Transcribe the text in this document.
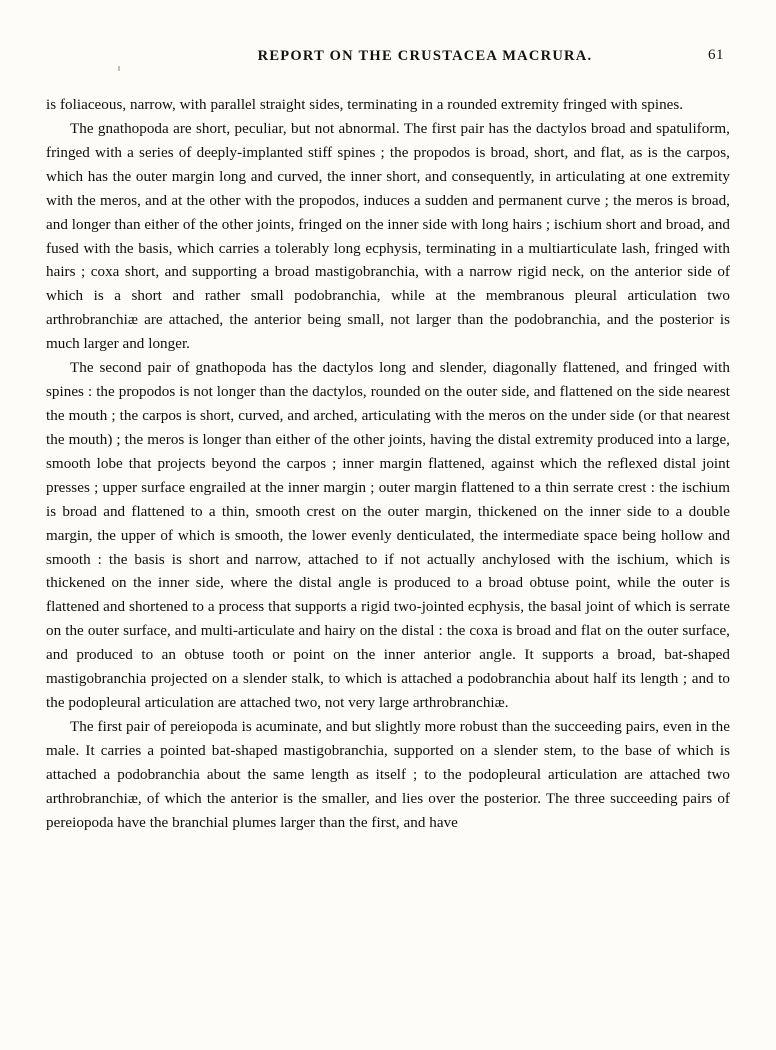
REPORT ON THE CRUSTACEA MACRURA.	61

is foliaceous, narrow, with parallel straight sides, terminating in a rounded extremity fringed with spines.

The gnathopoda are short, peculiar, but not abnormal. The first pair has the dactylos broad and spatuliform, fringed with a series of deeply-implanted stiff spines ; the propodos is broad, short, and flat, as is the carpos, which has the outer margin long and curved, the inner short, and consequently, in articulating at one extremity with the meros, and at the other with the propodos, induces a sudden and permanent curve ; the meros is broad, and longer than either of the other joints, fringed on the inner side with long hairs ; ischium short and broad, and fused with the basis, which carries a tolerably long ecphysis, terminating in a multiarticulate lash, fringed with hairs ; coxa short, and supporting a broad mastigobranchia, with a narrow rigid neck, on the anterior side of which is a short and rather small podobranchia, while at the membranous pleural articulation two arthrobranchiæ are attached, the anterior being small, not larger than the podobranchia, and the posterior is much larger and longer.

The second pair of gnathopoda has the dactylos long and slender, diagonally flattened, and fringed with spines : the propodos is not longer than the dactylos, rounded on the outer side, and flattened on the side nearest the mouth ; the carpos is short, curved, and arched, articulating with the meros on the under side (or that nearest the mouth) ; the meros is longer than either of the other joints, having the distal extremity produced into a large, smooth lobe that projects beyond the carpos ; inner margin flattened, against which the reflexed distal joint presses ; upper surface engrailed at the inner margin ; outer margin flattened to a thin serrate crest : the ischium is broad and flattened to a thin, smooth crest on the outer margin, thickened on the inner side to a double margin, the upper of which is smooth, the lower evenly denticulated, the intermediate space being hollow and smooth : the basis is short and narrow, attached to if not actually anchylosed with the ischium, which is thickened on the inner side, where the distal angle is produced to a broad obtuse point, while the outer is flattened and shortened to a process that supports a rigid two-jointed ecphysis, the basal joint of which is serrate on the outer surface, and multi-articulate and hairy on the distal : the coxa is broad and flat on the outer surface, and produced to an obtuse tooth or point on the inner anterior angle. It supports a broad, bat-shaped mastigobranchia projected on a slender stalk, to which is attached a podobranchia about half its length ; and to the podopleural articulation are attached two, not very large arthrobranchiæ.

The first pair of pereiopoda is acuminate, and but slightly more robust than the succeeding pairs, even in the male. It carries a pointed bat-shaped mastigobranchia, supported on a slender stem, to the base of which is attached a podobranchia about the same length as itself ; to the podopleural articulation are attached two arthrobranchiæ, of which the anterior is the smaller, and lies over the posterior. The three succeeding pairs of pereiopoda have the branchial plumes larger than the first, and have
